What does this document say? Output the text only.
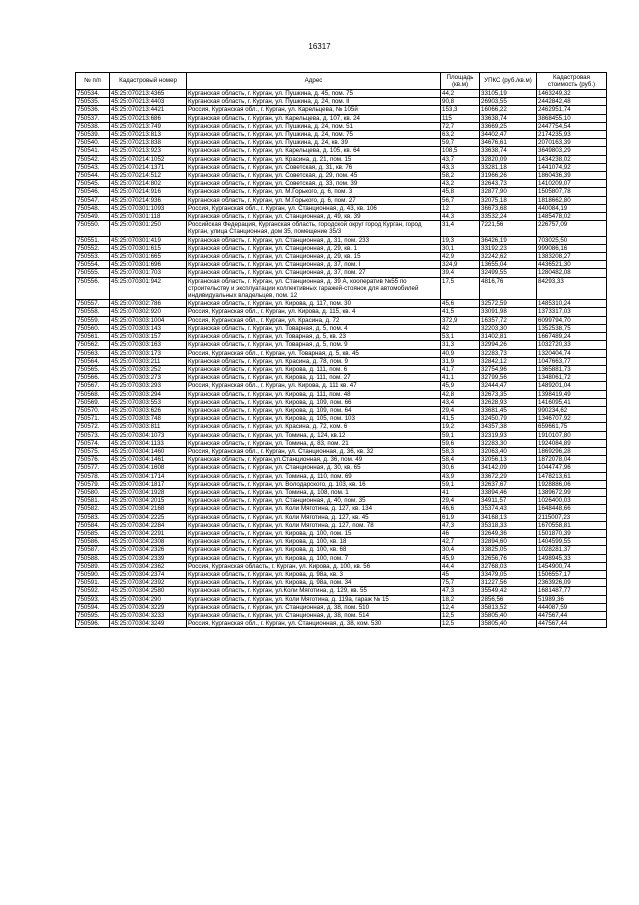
16317
№ п/п	Кадастровый номер	Адрес	Площадь (кв.м)	УПКС (руб./кв.м)	Кадастровая стоимость (руб.)
750534.	45:25:070213:4365	Курганская область, г. Курган, ул. Пушкина, д. 45, пом. 75	44,2	33105,19	1463249,32
750535.	45:25:070213:4403	Курганская область, г. Курган, ул. Пушкина, д. 24, пом. II	90,8	26903,55	2442842,48
750536.	45:25:070213:4421	Россия, Курганская обл., г. Курган, ул. Карельцева, № 105й	153,3	16066,22	2462951,74
750537.	45:25:070213:686	Курганская область, г. Курган, ул. Карельцева, д. 107, кв. 24	115	33638,74	3868455,10
750538.	45:25:070213:749	Курганская область, г. Курган, ул. Пушкина, д. 24, пом. 51	72,7	33669,25	2447754,54
750539.	45:25:070213:813	Курганская область, г. Курган, ул. Пушкина, д. 24, пом. 75	63,2	34402,47	2174235,93
750540.	45:25:070213:838	Курганская область, г. Курган, ул. Пушкина, д. 24, кв. 39	59,7	34676,61	2070163,39
750541.	45:25:070213:923	Курганская область, г. Курган, ул. Карельцева, д. 105, кв. 64	108,5	33638,74	3649803,29
750542.	45:25:070214:1052	Курганская область, г. Курган, ул. Красина, д. 21, пом. 15	43,7	32820,09	1434238,02
750543.	45:25:070214:1371	Курганская область, г. Курган, ул. Советская, д. 31, кв. 76	43,3	33281,18	1441074,92
750544.	45:25:070214:512	Курганская область, г. Курган, ул. Советская, д. 29, пом. 45	58,2	31966,26	1860436,39
750545.	45:25:070214:802	Курганская область, г. Курган, ул. Советская, д. 33, пом. 39	43,2	32643,73	1410209,07
750546.	45:25:070214:916	Курганская область, г. Курган, ул. М.Горького, д. 6, пом. 3	45,8	32877,90	1505807,78
750547.	45:25:070214:936	Курганская область, г. Курган, ул. М.Горького, д. 6, пом. 27	56,7	32075,18	1818662,80
750548.	45:25:070301:1093	Россия, Курганская обл., г. Курган, ул. Станционная, д. 43, кв. 106	12	36673,68	440084,19
750549.	45:25:070301:118	Курганская область, г. Курган, ул. Станционная, д. 49, кв. 39	44,3	33532,24	1485478,02
750550.	45:25:070301:250	Российская Федерация, Курганская область, городской округ город Курган, город Курган, улица Станционная, дом 35, помещение 35/3	31,4	7221,56	226757,09
750551.	45:25:070301:419	Курганская область, г. Курган, ул. Станционная, д. 31, пом. 233	19,3	36426,19	703025,50
750552.	45:25:070301:615	Курганская область, г. Курган, ул. Станционная, д. 29, кв. 1	30,1	33192,23	999086,16
750553.	45:25:070301:665	Курганская область, г. Курган, ул. Станционная, д. 29, кв. 15	42,9	32242,62	1383208,27
750554.	45:25:070301:696	Курганская область, г. Курган, ул. Станционная, д. 37, пом. I	324,9	13655,04	4436521,30
750555.	45:25:070301:703	Курганская область, г. Курган, ул. Станционная, д. 37, пом. 27	39,4	32499,55	1280482,08
750556.	45:25:070301:942	Курганская область, г. Курган, ул. Станционная, д. 39 А, кооператив №55 по строительству и эксплуатации коллективных гаражей-стоянок для автомобилей индивидуальных владельцев, пом. 12	17,5	4816,76	84293,33
750557.	45:25:070302:786	Курганская область, г. Курган, ул. Кирова, д. 117, пом. 30	45,6	32572,59	1485310,24
750558.	45:25:070302:920	Россия, Курганская обл., г. Курган, ул. Кирова, д. 115, кв. 4	41,5	33091,98	1373317,03
750559.	45:25:070303:1004	Россия, Курганская обл., г. Курган, ул. Красина, д. 72	372,9	16357,72	6099794,70
750560.	45:25:070303:143	Курганская область, г. Курган, ул. Товарная, д. 5, пом. 4	42	32203,30	1352538,75
750561.	45:25:070303:157	Курганская область, г. Курган, ул. Товарная, д. 5, кв. 23	53,1	31402,81	1667489,24
750562.	45:25:070303:163	Курганская область, г. Курган, ул. Товарная, д. 5, пом. 9	31,3	32994,26	1032720,33
750563.	45:25:070303:173	Россия, Курганская обл., г. Курган, ул. Товарная, д. 5, кв. 45	40,9	32283,73	1320404,74
750564.	45:25:070303:211	Курганская область, г. Курган, ул. Красина, д. 78, пом. 9	31,9	32842,12	1047663,77
750565.	45:25:070303:252	Курганская область, г. Курган, ул. Кирова, д. 111, пом. 6	41,7	32754,96	1365881,73
750566.	45:25:070303:273	Курганская область, г. Курган, ул. Кирова, д. 111, пом. 27	41,1	32799,56	1348061,72
750567.	45:25:070303:293	Россия, Курганская обл., г. Курган, ул. Кирова, д. 111 кв. 47	45,9	32444,47	1489201,04
750568.	45:25:070303:294	Курганская область, г. Курган, ул. Кирова, д. 111, пом. 48	42,8	32673,35	1398419,49
750569.	45:25:070303:553	Курганская область, г. Курган, ул. Кирова, д. 109, пом. 66	43,4	32628,93	1416095,41
750570.	45:25:070303:626	Курганская область, г. Курган, ул. Кирова, д. 109, пом. 64	29,4	33681,45	990234,62
750571.	45:25:070303:748	Курганская область, г. Курган, ул. Кирова, д. 105, пом. 103	41,5	32450,79	1346707,92
750572.	45:25:070303:811	Курганская область, г. Курган, ул. Красина, д. 72, ком. 6	19,2	34357,38	659661,75
750573.	45:25:070304:1073	Курганская область, г. Курган, ул. Томина, д. 124, кв.12	59,1	32319,93	1910107,80
750574.	45:25:070304:1133	Курганская область, г. Курган, ул. Томина, д. 83, пом. 21	59,6	32283,30	1924084,89
750575.	45:25:070304:1460	Россия, Курганская обл., г. Курган, ул. Станционная, д. 36, кв. 32	58,3	32063,40	1869296,28
750576.	45:25:070304:1461	Курганская область, г. Курган,ул.Станционная, д. 36, пом. 49	58,4	32056,13	1872078,04
750577.	45:25:070304:1608	Курганская область, г. Курган, ул. Станционная, д. 30, кв. 65	30,6	34142,09	1044747,96
750578.	45:25:070304:1714	Курганская область, г. Курган, ул. Томина, д. 110, пом. 69	43,9	33672,29	1478213,61
750579.	45:25:070304:1817	Курганская область, г. Курган, ул. Володарского, д. 103, кв. 16	59,1	32637,67	1928886,06
750580.	45:25:070304:1928	Курганская область, г. Курган, ул. Томина, д. 108, пом. 1	41	33894,46	1389672,99
750581.	45:25:070304:2015	Курганская область, г. Курган, ул. Станционная, д. 40, пом. 35	29,4	34911,57	1026400,03
750582.	45:25:070304:2168	Курганская область, г. Курган, ул. Коли Мяготина, д. 127, кв. 134	46,6	35374,43	1648448,66
750583.	45:25:070304:2225	Курганская область, г. Курган, ул. Коли Мяготина, д. 127, кв. 45	61,9	34168,13	2115007,23
750584.	45:25:070304:2284	Курганская область, г. Курган, ул. Коли Мяготина, д. 127, пом. 78	47,3	35318,33	1670558,81
750585.	45:25:070304:2291	Курганская область, г. Курган, ул. Кирова, д. 100, пом. 15	46	32649,36	1501870,39
750586.	45:25:070304:2308	Курганская область, г. Курган, ул. Кирова, д. 100, кв. 18	42,7	32894,60	1404599,55
750587.	45:25:070304:2326	Курганская область, г. Курган, ул. Кирова, д. 100, кв. 68	30,4	33825,05	1028281,37
750588.	45:25:070304:2339	Курганская область, г. Курган, ул. Кирова, д. 100, пом. 7	45,9	32656,76	1498945,33
750589.	45:25:070304:2362	Россия, Курганская область, г. Курган, ул. Кирова, д. 100, кв. 56	44,4	32768,03	1454900,74
750590.	45:25:070304:2374	Курганская область, г. Курган, ул. Кирова, д. 98а, кв. 3	45	33479,05	1506557,17
750591.	45:25:070304:2392	Курганская область, г. Курган, ул. Кирова, д. 98а, пом. 34	75,7	31227,56	2363926,09
750592.	45:25:070304:2580	Курганская область, г. Курган, ул.Коли Мяготина, д. 129, кв. 55	47,3	35549,42	1681487,77
750593.	45:25:070304:290	Курганская область, г. Курган, ул. Коли Мяготина, д. 119а, гараж № 15	18,2	2856,56	51989,36
750594.	45:25:070304:3229	Курганская область, г. Курган, ул. Станционная, д. 38, пом. 510	12,4	35813,52	444087,59
750595.	45:25:070304:3233	Курганская область, г. Курган, ул. Станционная, д. 38, пом. 514	12,5	35805,40	447567,44
750596.	45:25:070304:3249	Россия, Курганская обл., г. Курган, ул. Станционная, д. 38, ком. 530	12,5	35805,40	447567,44
